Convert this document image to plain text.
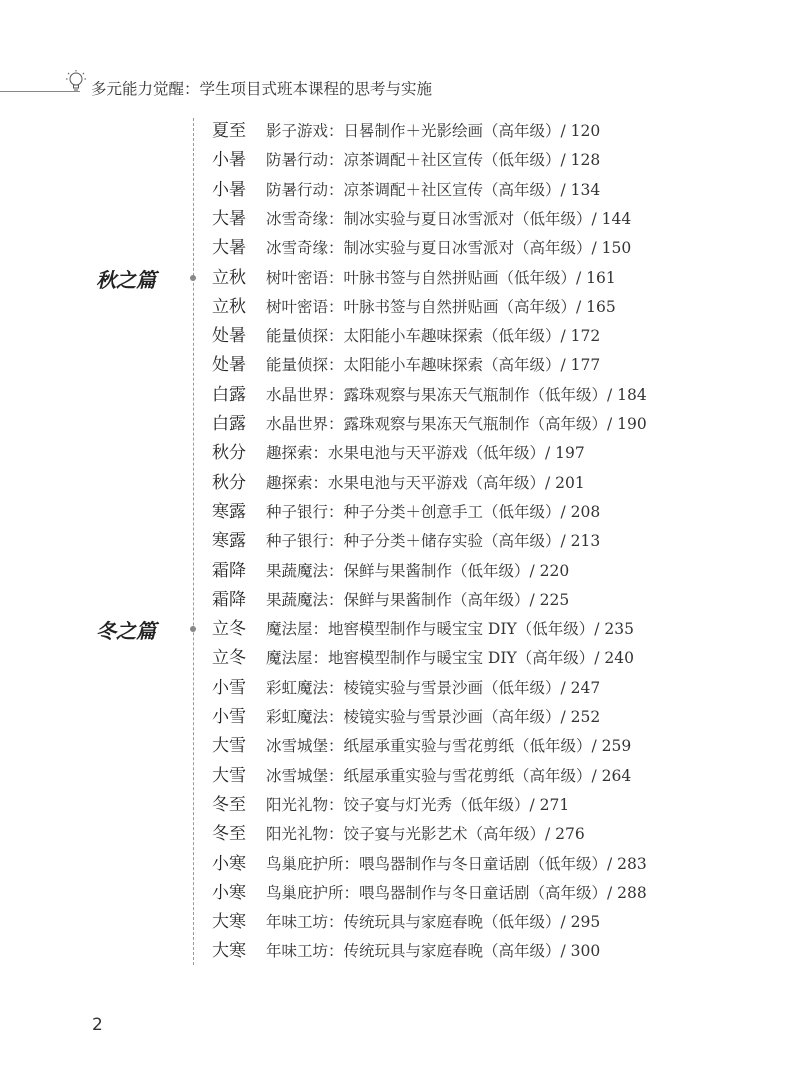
多元能力觉醒：学生项目式班本课程的思考与实施
夏至 影子游戏：日晷制作＋光影绘画（高年级）/ 120
小暑 防暑行动：凉茶调配＋社区宣传（低年级）/ 128
小暑 防暑行动：凉茶调配＋社区宣传（高年级）/ 134
大暑 冰雪奇缘：制冰实验与夏日冰雪派对（低年级）/ 144
大暑 冰雪奇缘：制冰实验与夏日冰雪派对（高年级）/ 150
立秋 树叶密语：叶脉书签与自然拼贴画（低年级）/ 161
立秋 树叶密语：叶脉书签与自然拼贴画（高年级）/ 165
处暑 能量侦探：太阳能小车趣味探索（低年级）/ 172
处暑 能量侦探：太阳能小车趣味探索（高年级）/ 177
白露 水晶世界：露珠观察与果冻天气瓶制作（低年级）/ 184
白露 水晶世界：露珠观察与果冻天气瓶制作（高年级）/ 190
秋分 趣探索：水果电池与天平游戏（低年级）/ 197
秋分 趣探索：水果电池与天平游戏（高年级）/ 201
寒露 种子银行：种子分类＋创意手工（低年级）/ 208
寒露 种子银行：种子分类＋储存实验（高年级）/ 213
霜降 果蔬魔法：保鲜与果酱制作（低年级）/ 220
霜降 果蔬魔法：保鲜与果酱制作（高年级）/ 225
立冬 魔法屋：地窖模型制作与暖宝宝 DIY（低年级）/ 235
立冬 魔法屋：地窖模型制作与暖宝宝 DIY（高年级）/ 240
小雪 彩虹魔法：棱镜实验与雪景沙画（低年级）/ 247
小雪 彩虹魔法：棱镜实验与雪景沙画（高年级）/ 252
大雪 冰雪城堡：纸屋承重实验与雪花剪纸（低年级）/ 259
大雪 冰雪城堡：纸屋承重实验与雪花剪纸（高年级）/ 264
冬至 阳光礼物：饺子宴与灯光秀（低年级）/ 271
冬至 阳光礼物：饺子宴与光影艺术（高年级）/ 276
小寒 鸟巢庇护所：喂鸟器制作与冬日童话剧（低年级）/ 283
小寒 鸟巢庇护所：喂鸟器制作与冬日童话剧（高年级）/ 288
大寒 年味工坊：传统玩具与家庭春晚（低年级）/ 295
大寒 年味工坊：传统玩具与家庭春晚（高年级）/ 300
秋之篇
冬之篇
2
